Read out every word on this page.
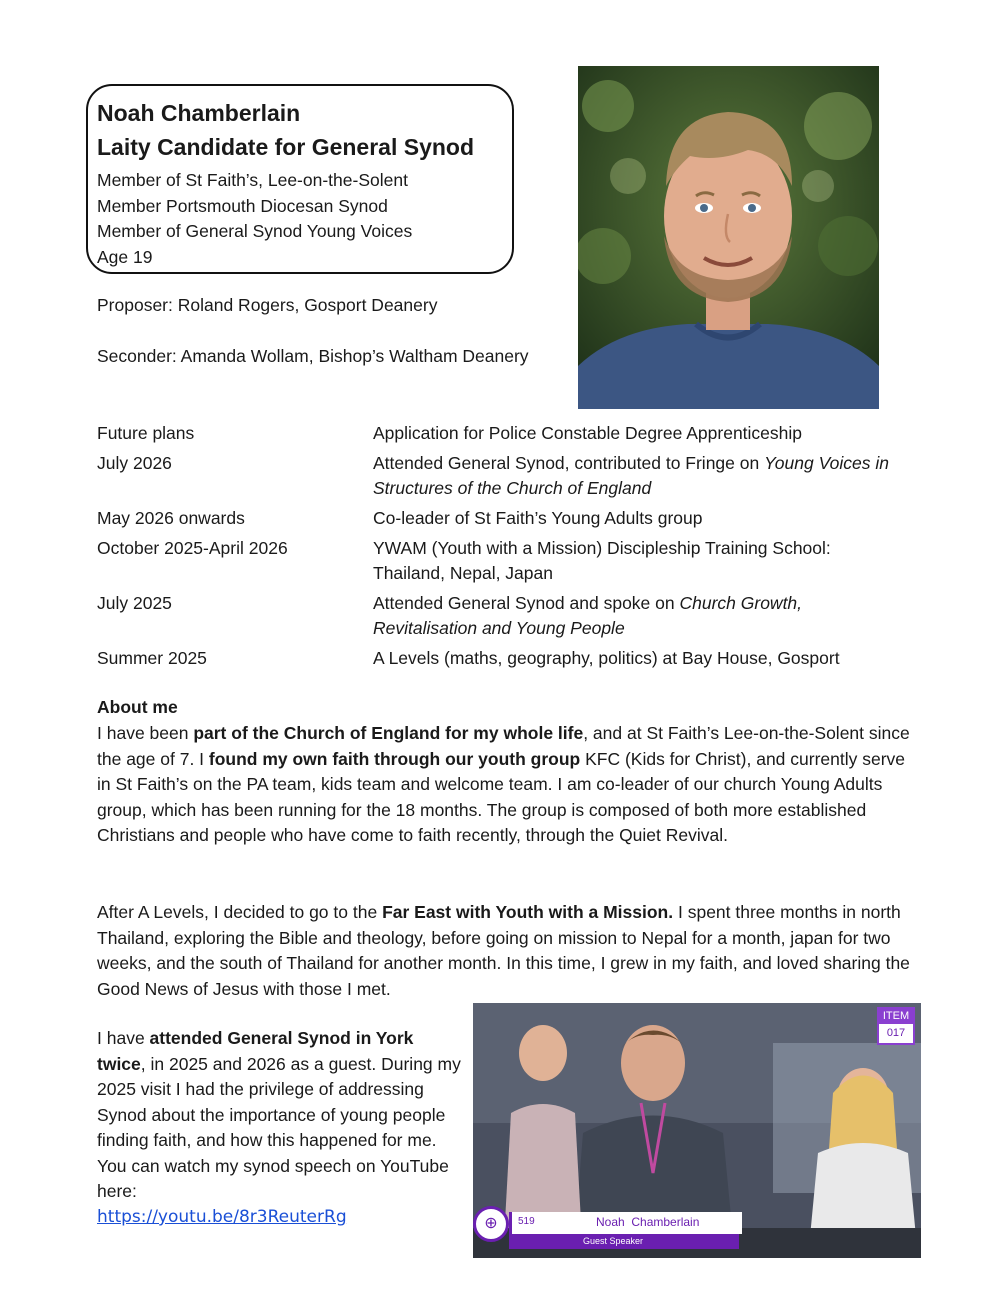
Noah Chamberlain
Laity Candidate for General Synod
Member of St Faith’s, Lee-on-the-Solent
Member Portsmouth Diocesan Synod
Member of General Synod Young Voices
Age 19
Proposer: Roland Rogers, Gosport Deanery
Seconder: Amanda Wollam, Bishop’s Waltham Deanery
Future plans	Application for Police Constable Degree Apprenticeship
July 2026	Attended General Synod, contributed to Fringe on Young Voices in Structures of the Church of England
May 2026 onwards	Co-leader of St Faith’s Young Adults group
October 2025-April 2026	YWAM (Youth with a Mission) Discipleship Training School: Thailand, Nepal, Japan
July 2025	Attended General Synod and spoke on Church Growth, Revitalisation and Young People
Summer 2025	A Levels (maths, geography, politics) at Bay House, Gosport
About me

I have been part of the Church of England for my whole life, and at St Faith’s Lee-on-the-Solent since the age of 7. I found my own faith through our youth group KFC (Kids for Christ), and currently serve in St Faith’s on the PA team, kids team and welcome team. I am co-leader of our church Young Adults group, which has been running for the 18 months. The group is composed of both more established Christians and people who have come to faith recently, through the Quiet Revival.

After A Levels, I decided to go to the Far East with Youth with a Mission. I spent three months in north Thailand, exploring the Bible and theology, before going on mission to Nepal for a month, japan for two weeks, and the south of Thailand for another month. In this time, I grew in my faith, and loved sharing the Good News of Jesus with those I met.

I have attended General Synod in York twice, in 2025 and 2026 as a guest. During my 2025 visit I had the privilege of addressing Synod about the importance of young people finding faith, and how this happened for me. You can watch my synod speech on YouTube here:

https://youtu.be/8r3ReuterRg
ITEM
017
⊕	519	Noah  Chamberlain
Guest Speaker
